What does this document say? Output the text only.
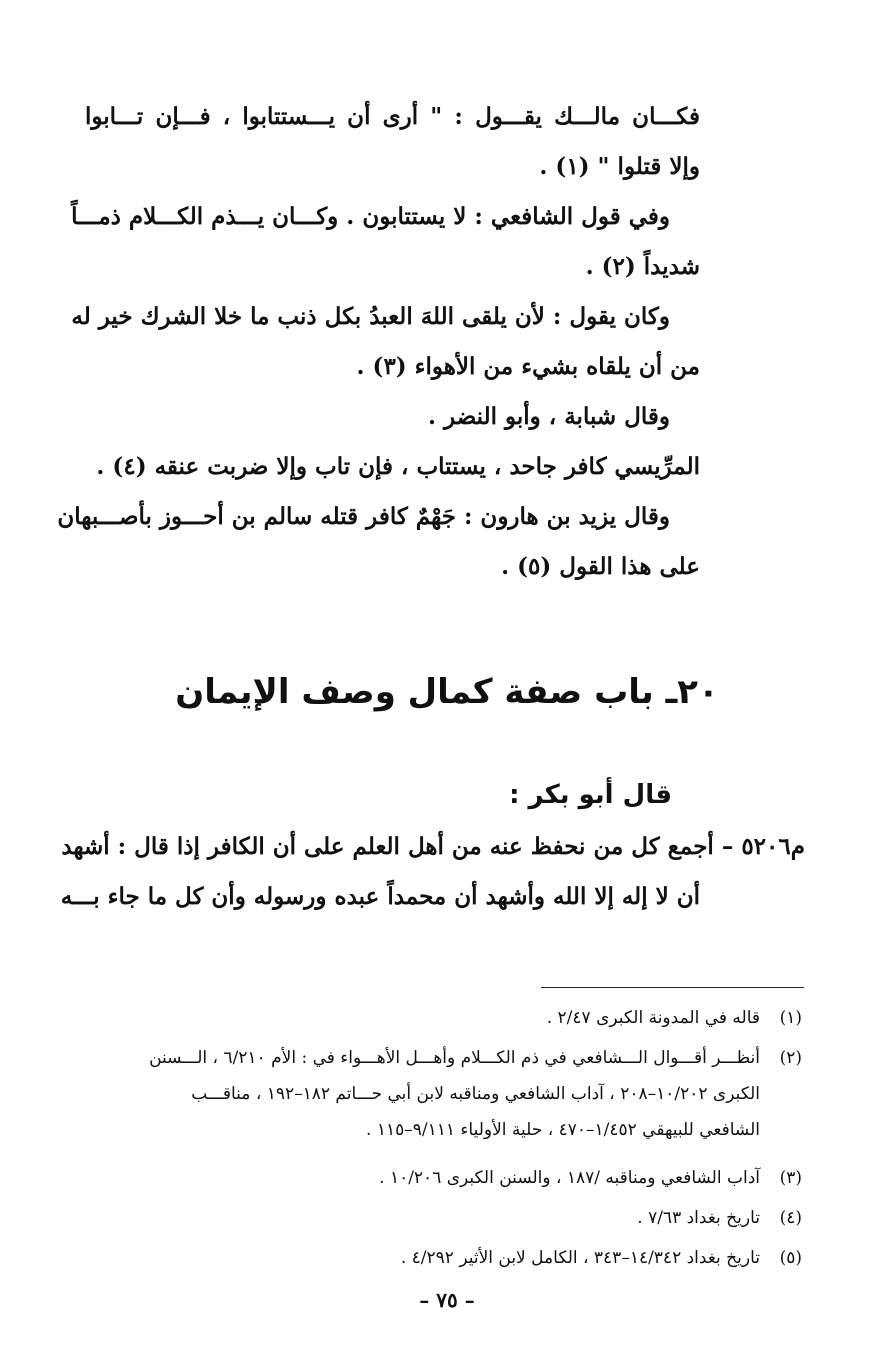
فكـــان مالـــك يقـــول : " أرى أن يـــستتابوا ، فـــإن تـــابوا
وإلا قتلوا " (١) .
وفي قول الشافعي : لا يستتابون . وكـــان يـــذم الكـــلام ذمـــاً
شديداً (٢) .
وكان يقول : لأن يلقى اللهَ العبدُ بكل ذنب ما خلا الشرك خير له
من أن يلقاه بشيء من الأهواء (٣) .
وقال شبابة ، وأبو النضر .
المرِّيسي كافر جاحد ، يستتاب ، فإن تاب وإلا ضربت عنقه (٤) .
وقال يزيد بن هارون : جَهْمٌ كافر قتله سالم بن أحـــوز بأصـــبهان
على هذا القول (٥) .
٢٠ـ باب صفة كمال وصف الإيمان
قال أبو بكر :
م٥٢٠٦ – أجمع كل من نحفظ عنه من أهل العلم على أن الكافر إذا قال : أشهد
أن لا إله إلا الله وأشهد أن محمداً عبده ورسوله وأن كل ما جاء بـــه
(١)قاله في المدونة الكبرى ٢/٤٧ .
(٢)أنظـــر أقـــوال الـــشافعي في ذم الكـــلام وأهـــل الأهـــواء في : الأم ٦/٢١٠ ، الـــسنن
الكبرى ١٠/٢٠٢–٢٠٨ ، آداب الشافعي ومناقبه لابن أبي حـــاتم ١٨٢–١٩٢ ، مناقـــب
الشافعي للبيهقي ١/٤٥٢–٤٧٠ ، حلية الأولياء ٩/١١١–١١٥ .
(٣)آداب الشافعي ومناقبه /١٨٧ ، والسنن الكبرى ١٠/٢٠٦ .
(٤)تاريخ بغداد ٧/٦٣ .
(٥)تاريخ بغداد ١٤/٣٤٢–٣٤٣ ، الكامل لابن الأثير ٤/٢٩٢ .
– ٧٥ –
